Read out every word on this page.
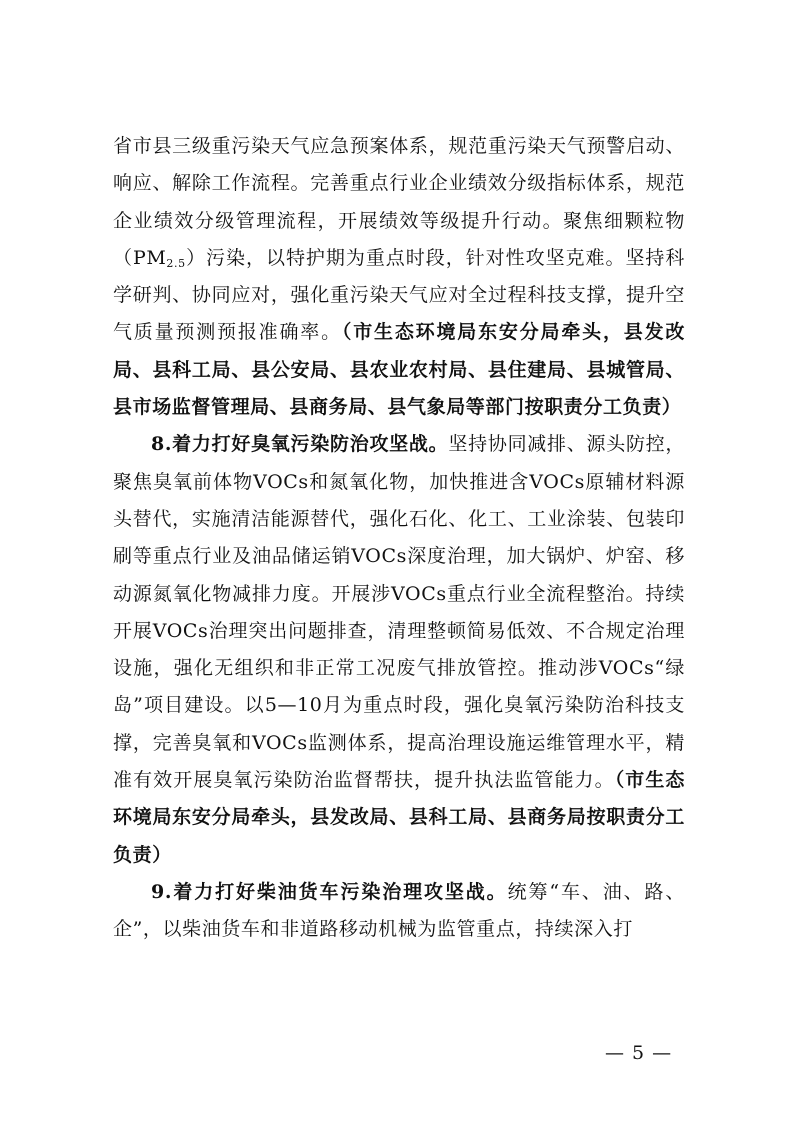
省市县三级重污染天气应急预案体系，规范重污染天气预警启动、响应、解除工作流程。完善重点行业企业绩效分级指标体系，规范企业绩效分级管理流程，开展绩效等级提升行动。聚焦细颗粒物$(PM_{2.5})$污染，以特护期为重点时段，针对性攻坚克难。坚持科学研判、协同应对，强化重污染天气应对全过程科技支撑，提升空气质量预测预报准确率。（市生态环境局东安分局牵头，县发改局、县科工局、县公安局、县农业农村局、县住建局、县城管局、县市场监督管理局、县商务局、县气象局等部门按职责分工负责）

8.着力打好臭氧污染防治攻坚战。坚持协同减排、源头防控，聚焦臭氧前体物VOCs和氮氧化物，加快推进含VOCs原辅材料源头替代，实施清洁能源替代，强化石化、化工、工业涂装、包装印刷等重点行业及油品储运销VOCs深度治理，加大锅炉、炉窑、移动源氮氧化物减排力度。开展涉VOCs重点行业全流程整治。持续开展VOCs治理突出问题排查，清理整顿简易低效、不合规定治理设施，强化无组织和非正常工况废气排放管控。推动涉VOCs“绿岛”项目建设。以5—10月为重点时段，强化臭氧污染防治科技支撑，完善臭氧和VOCs监测体系，提高治理设施运维管理水平，精准有效开展臭氧污染防治监督帮扶，提升执法监管能力。（市生态环境局东安分局牵头，县发改局、县科工局、县商务局按职责分工负责）

9.着力打好柴油货车污染治理攻坚战。统筹“车、油、路、企”，以柴油货车和非道路移动机械为监管重点，持续深入打

— 5 —
